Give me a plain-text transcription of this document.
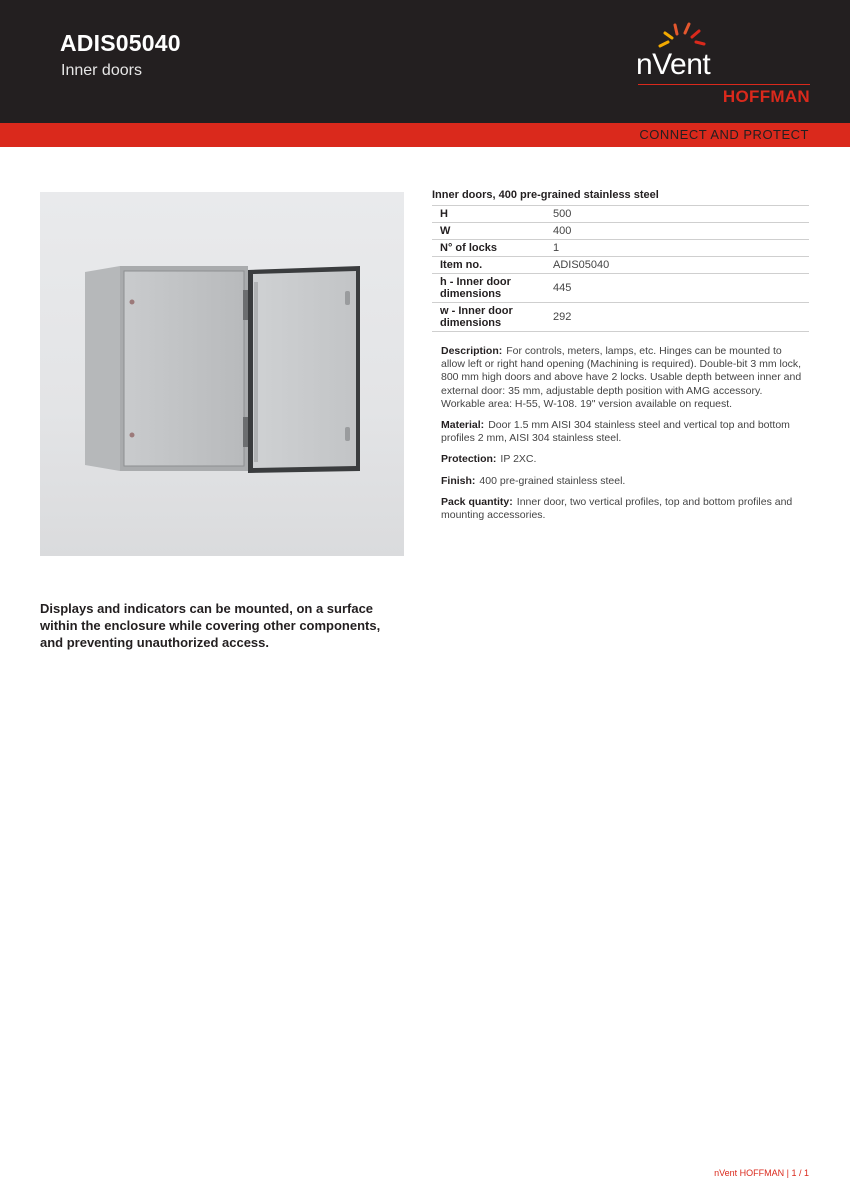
ADIS05040
Inner doors	nVent
HOFFMAN
CONNECT AND PROTECT
Inner doors, 400 pre-grained stainless steel
H	500
W	400
N° of locks	1
Item no.	ADIS05040
h - Inner door dimensions	445
w - Inner door dimensions	292

Description: For controls, meters, lamps, etc. Hinges can be mounted to allow left or right hand opening (Machining is required). Double-bit 3 mm lock, 800 mm high doors and above have 2 locks. Usable depth between inner and external door: 35 mm, adjustable depth position with AMG accessory. Workable area: H-55, W-108. 19" version available on request.

Material: Door 1.5 mm AISI 304 stainless steel and vertical top and bottom profiles 2 mm, AISI 304 stainless steel.

Protection: IP 2XC.

Finish: 400 pre-grained stainless steel.

Pack quantity: Inner door, two vertical profiles, top and bottom profiles and mounting accessories.

Displays and indicators can be mounted, on a surface within the enclosure while covering other components, and preventing unauthorized access.
nVent HOFFMAN | 1 / 1
